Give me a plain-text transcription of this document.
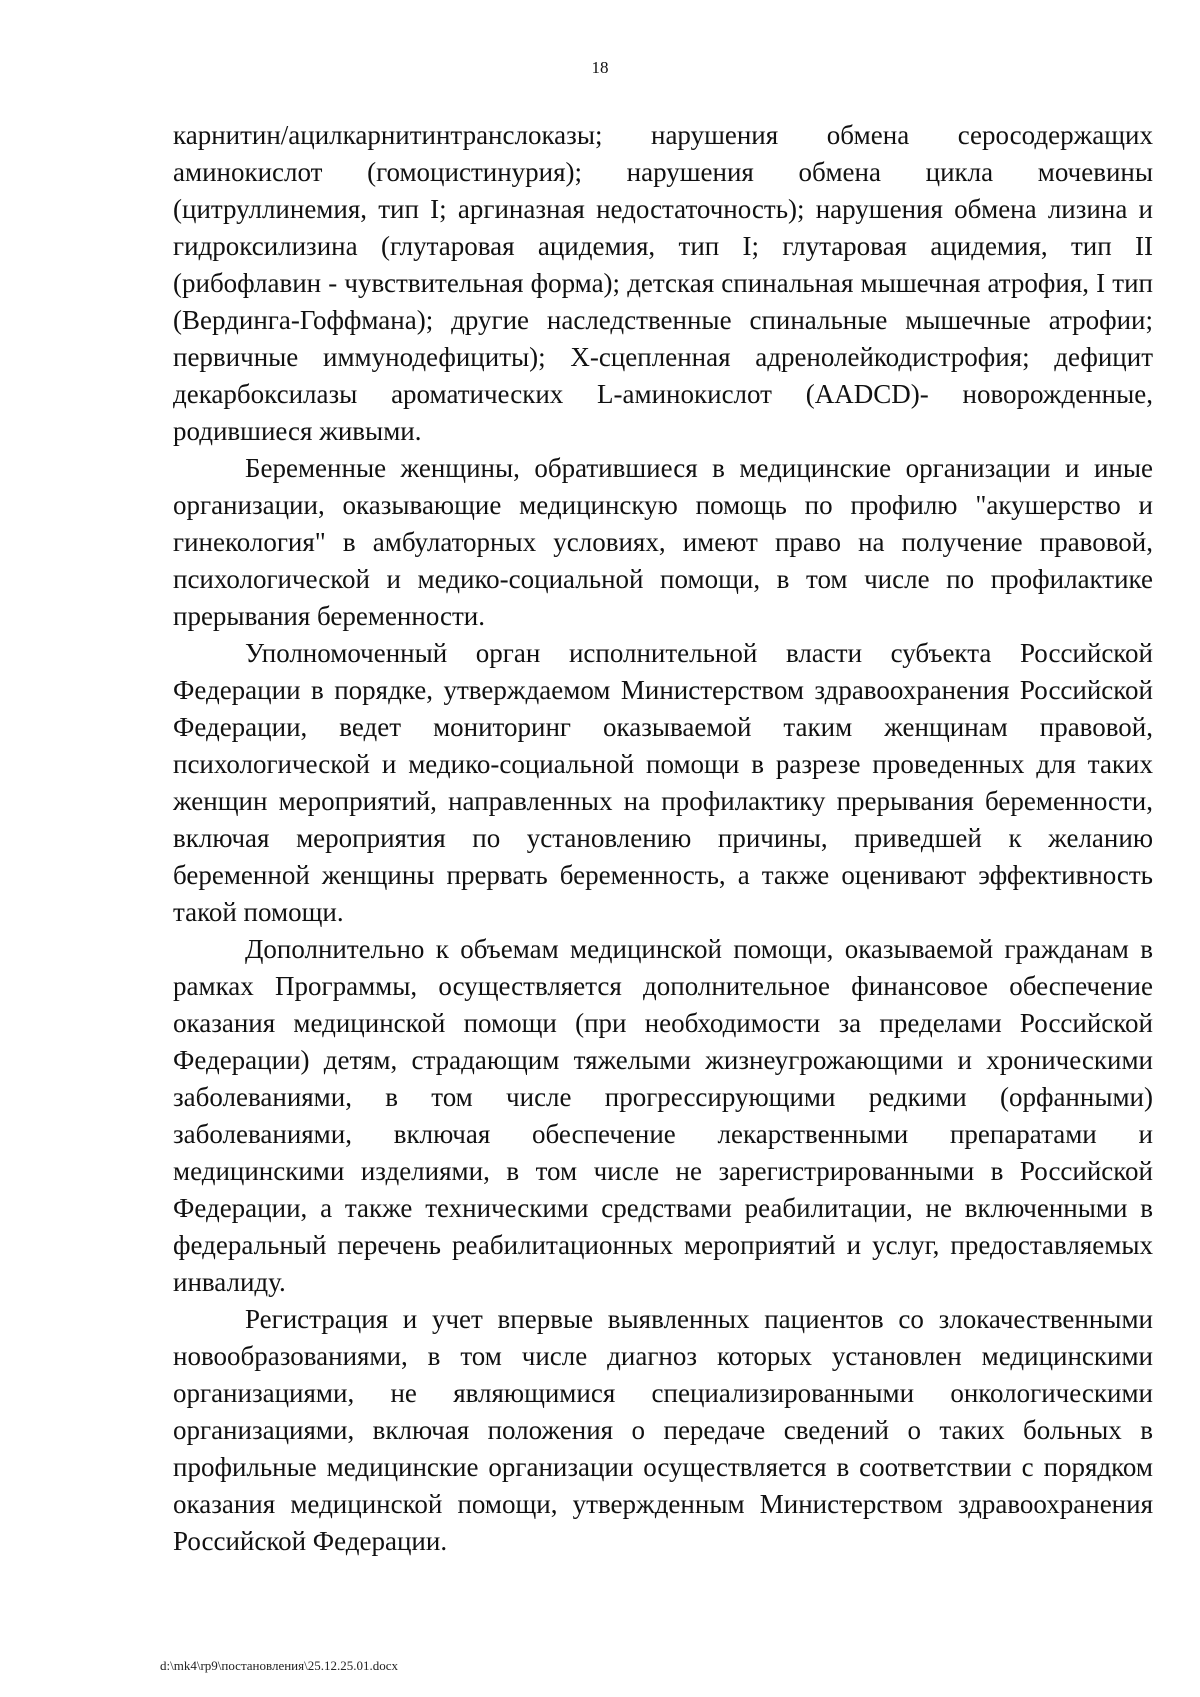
18

карнитин/ацилкарнитинтранслоказы; нарушения обмена серосодержащих аминокислот (гомоцистинурия); нарушения обмена цикла мочевины (цитруллинемия, тип I; аргиназная недостаточность); нарушения обмена лизина и гидроксилизина (глутаровая ацидемия, тип I; глутаровая ацидемия, тип II (рибофлавин - чувствительная форма); детская спинальная мышечная атрофия, I тип (Вердинга-Гоффмана); другие наследственные спинальные мышечные атрофии; первичные иммунодефициты); X-сцепленная адренолейкодистрофия; дефицит декарбоксилазы ароматических L-аминокислот (AADCD)- новорожденные, родившиеся живыми.

Беременные женщины, обратившиеся в медицинские организации и иные организации, оказывающие медицинскую помощь по профилю "акушерство и гинекология" в амбулаторных условиях, имеют право на получение правовой, психологической и медико-социальной помощи, в том числе по профилактике прерывания беременности.

Уполномоченный орган исполнительной власти субъекта Российской Федерации в порядке, утверждаемом Министерством здравоохранения Российской Федерации, ведет мониторинг оказываемой таким женщинам правовой, психологической и медико-социальной помощи в разрезе проведенных для таких женщин мероприятий, направленных на профилактику прерывания беременности, включая мероприятия по установлению причины, приведшей к желанию беременной женщины прервать беременность, а также оценивают эффективность такой помощи.

Дополнительно к объемам медицинской помощи, оказываемой гражданам в рамках Программы, осуществляется дополнительное финансовое обеспечение оказания медицинской помощи (при необходимости за пределами Российской Федерации) детям, страдающим тяжелыми жизнеугрожающими и хроническими заболеваниями, в том числе прогрессирующими редкими (орфанными) заболеваниями, включая обеспечение лекарственными препаратами и медицинскими изделиями, в том числе не зарегистрированными в Российской Федерации, а также техническими средствами реабилитации, не включенными в федеральный перечень реабилитационных мероприятий и услуг, предоставляемых инвалиду.

Регистрация и учет впервые выявленных пациентов со злокачественными новообразованиями, в том числе диагноз которых установлен медицинскими организациями, не являющимися специализированными онкологическими организациями, включая положения о передаче сведений о таких больных в профильные медицинские организации осуществляется в соответствии с порядком оказания медицинской помощи, утвержденным Министерством здравоохранения Российской Федерации.

d:\mk4\rp9\постановления\25.12.25.01.docx
